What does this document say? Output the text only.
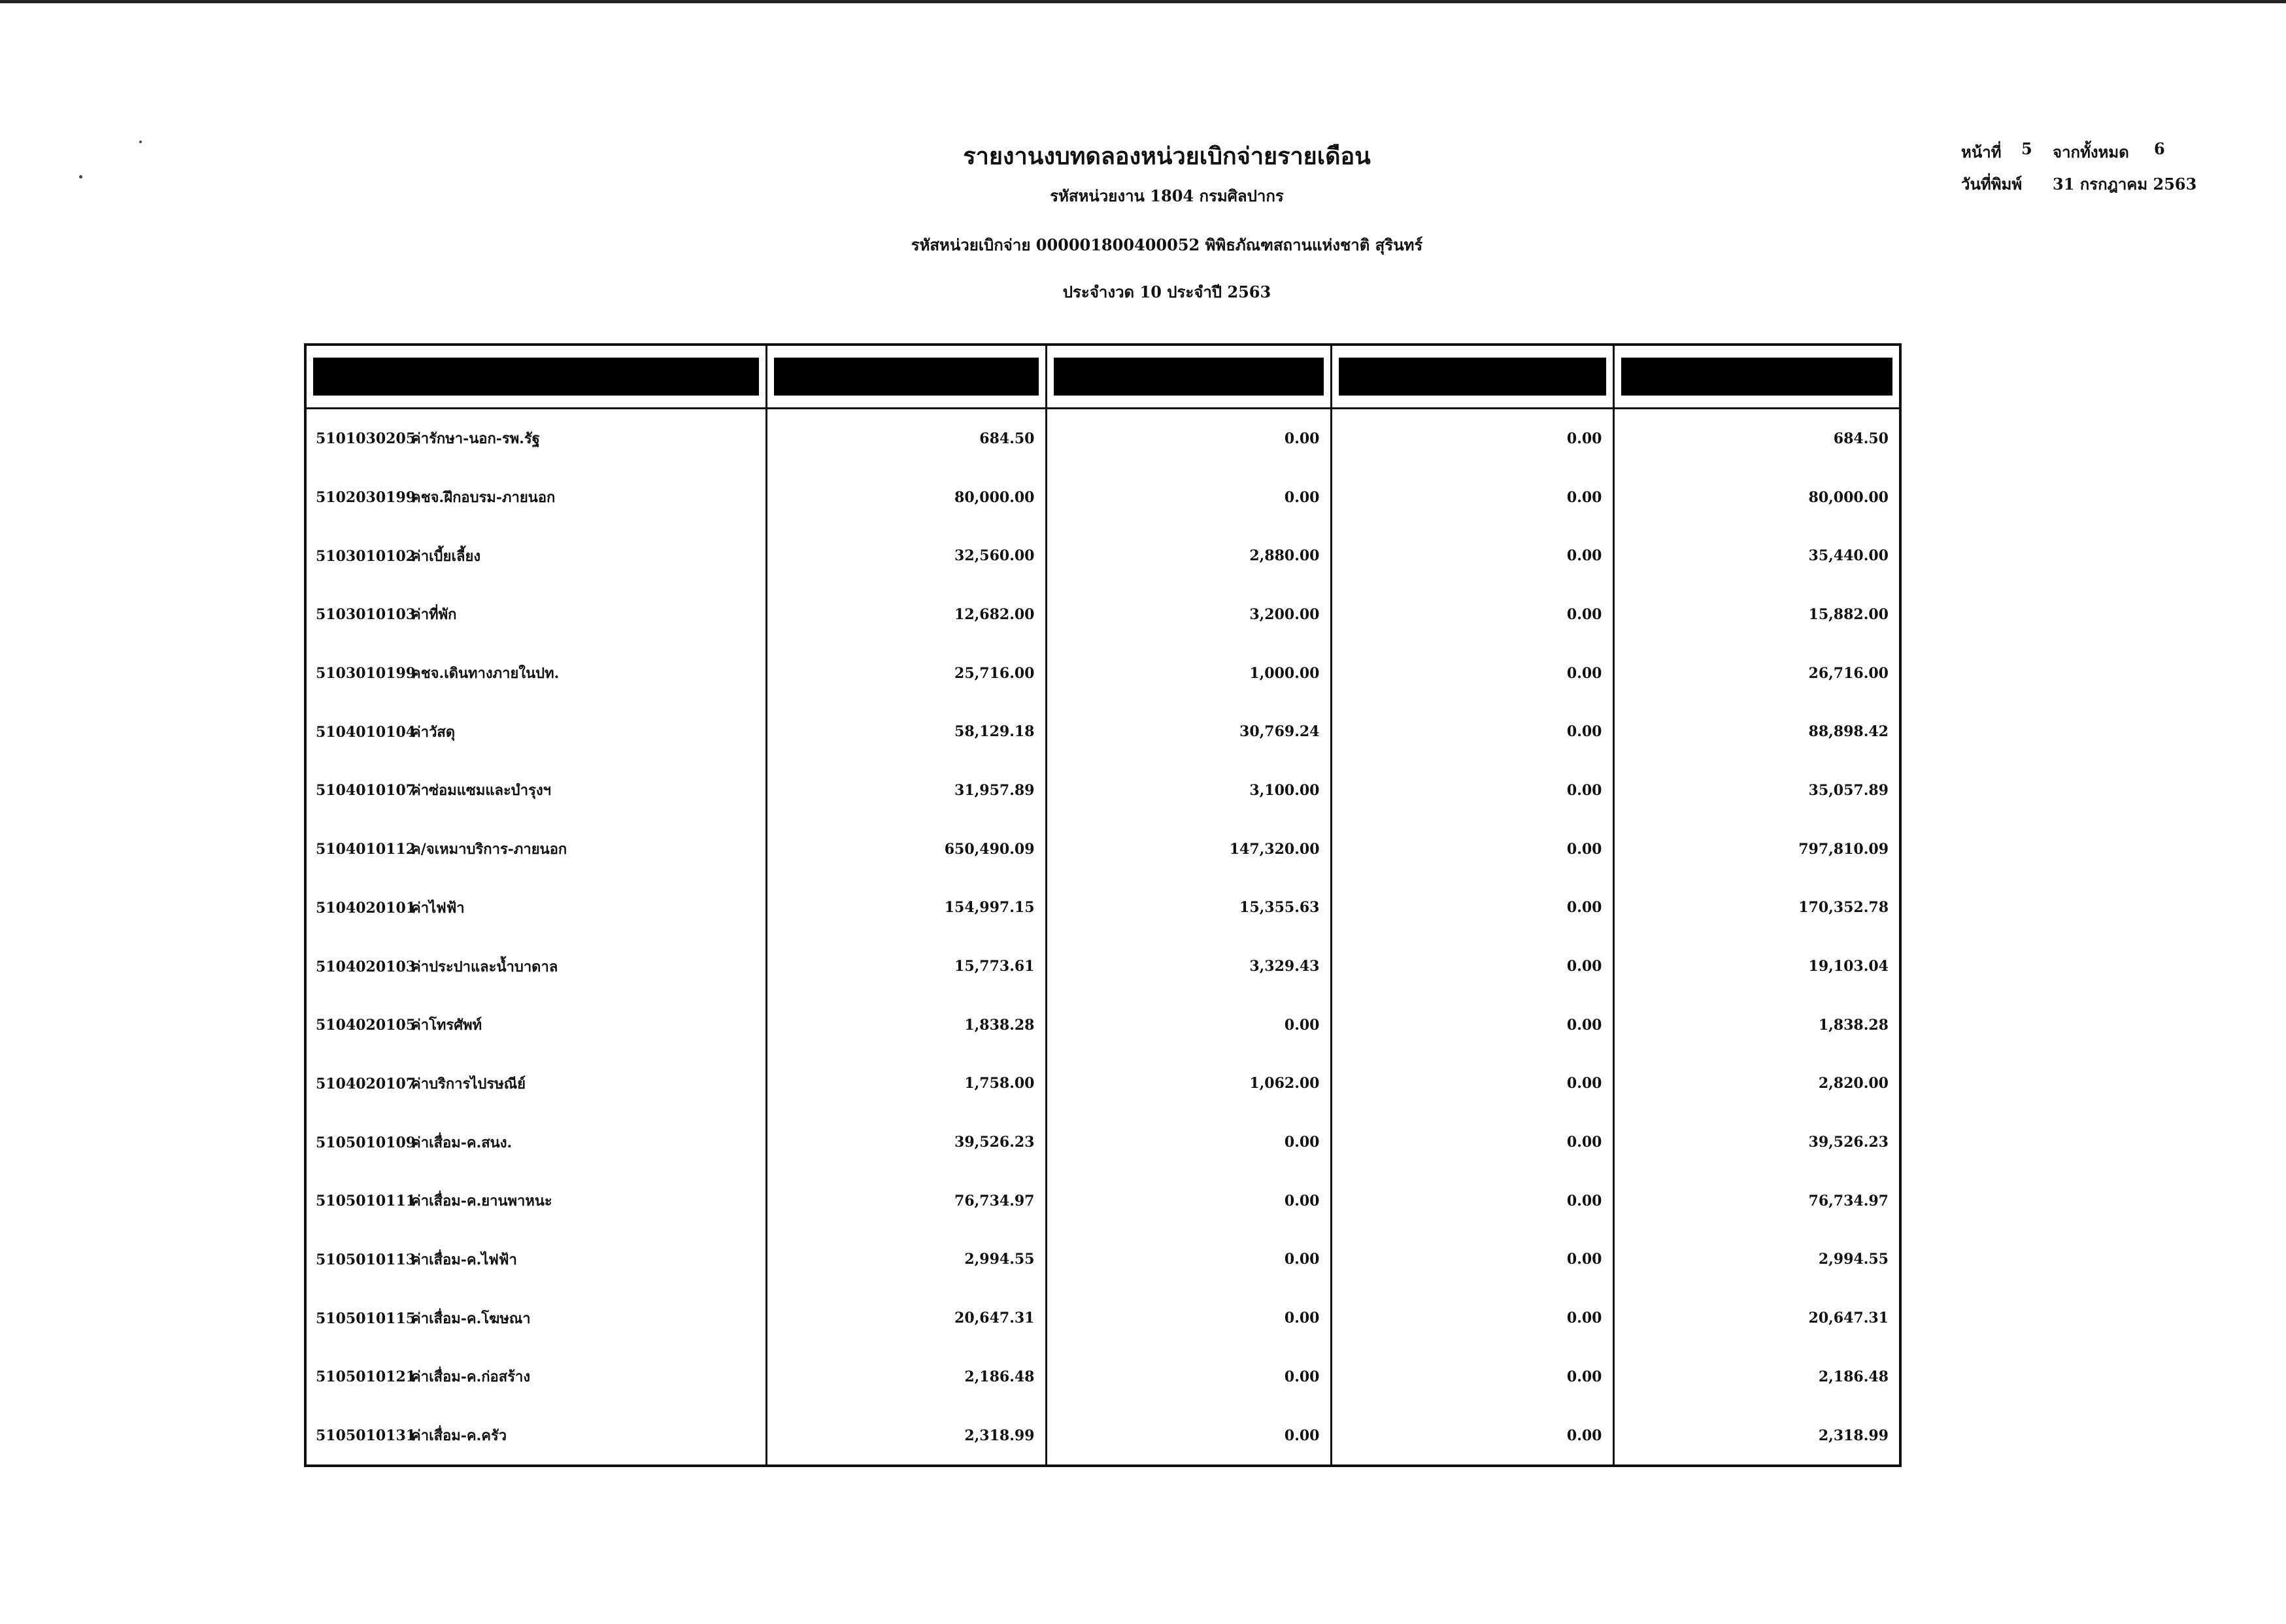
รายงานงบทดลองหน่วยเบิกจ่ายรายเดือน
รหัสหน่วยงาน 1804 กรมศิลปากร
รหัสหน่วยเบิกจ่าย 000001800400052 พิพิธภัณฑสถานแห่งชาติ สุรินทร์
ประจำงวด 10 ประจำปี 2563
หน้าที่ 5 จากทั้งหมด 6
วันที่พิมพ์ 31 กรกฎาคม 2563

5101030205ค่ารักษา-นอก-รพ.รัฐ	684.50	0.00	0.00	684.50
5102030199คชจ.ฝึกอบรม-ภายนอก	80,000.00	0.00	0.00	80,000.00
5103010102ค่าเบี้ยเลี้ยง	32,560.00	2,880.00	0.00	35,440.00
5103010103ค่าที่พัก	12,682.00	3,200.00	0.00	15,882.00
5103010199คชจ.เดินทางภายในปท.	25,716.00	1,000.00	0.00	26,716.00
5104010104ค่าวัสดุ	58,129.18	30,769.24	0.00	88,898.42
5104010107ค่าซ่อมแซมและบำรุงฯ	31,957.89	3,100.00	0.00	35,057.89
5104010112ค/จเหมาบริการ-ภายนอก	650,490.09	147,320.00	0.00	797,810.09
5104020101ค่าไฟฟ้า	154,997.15	15,355.63	0.00	170,352.78
5104020103ค่าประปาและน้ำบาดาล	15,773.61	3,329.43	0.00	19,103.04
5104020105ค่าโทรศัพท์	1,838.28	0.00	0.00	1,838.28
5104020107ค่าบริการไปรษณีย์	1,758.00	1,062.00	0.00	2,820.00
5105010109ค่าเสื่อม-ค.สนง.	39,526.23	0.00	0.00	39,526.23
5105010111ค่าเสื่อม-ค.ยานพาหนะ	76,734.97	0.00	0.00	76,734.97
5105010113ค่าเสื่อม-ค.ไฟฟ้า	2,994.55	0.00	0.00	2,994.55
5105010115ค่าเสื่อม-ค.โฆษณา	20,647.31	0.00	0.00	20,647.31
5105010121ค่าเสื่อม-ค.ก่อสร้าง	2,186.48	0.00	0.00	2,186.48
5105010131ค่าเสื่อม-ค.ครัว	2,318.99	0.00	0.00	2,318.99
